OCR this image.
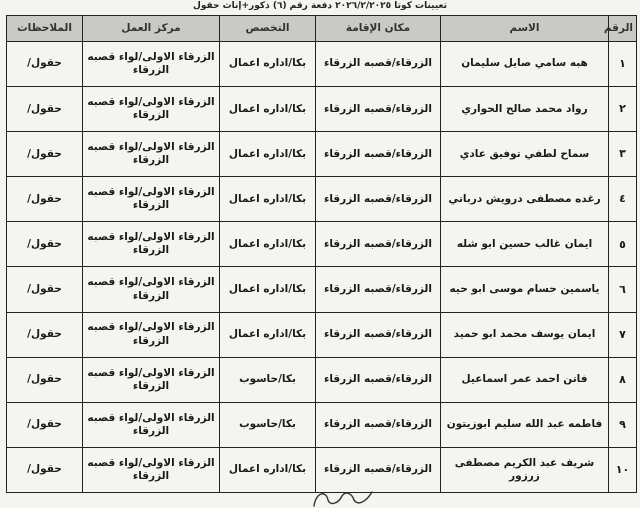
تعيينات كوتا ٢٠٢٦/٢/٢٠٢٥ دفعة رقم (٦) ذكور+إناث حقول
الرقم	الاسم	مكان الإقامة	التخصص	مركز العمل	الملاحظات
١	هبه سامي صايل سليمان	الزرقاء/قصبه الزرقاء	بكا/اداره اعمال	الزرقاء الاولى/لواء قصبه الزرقاء	حقول/
٢	رواد محمد صالح الحواري	الزرقاء/قصبه الزرقاء	بكا/اداره اعمال	الزرقاء الاولى/لواء قصبه الزرقاء	حقول/
٣	سماح لطفي توفيق عادي	الزرقاء/قصبه الزرقاء	بكا/اداره اعمال	الزرقاء الاولى/لواء قصبه الزرقاء	حقول/
٤	رغده مصطفى درويش درباتي	الزرقاء/قصبه الزرقاء	بكا/اداره اعمال	الزرقاء الاولى/لواء قصبه الزرقاء	حقول/
٥	ايمان غالب حسين ابو شله	الزرقاء/قصبه الزرقاء	بكا/اداره اعمال	الزرقاء الاولى/لواء قصبه الزرقاء	حقول/
٦	ياسمين حسام موسى ابو حيه	الزرقاء/قصبه الزرقاء	بكا/اداره اعمال	الزرقاء الاولى/لواء قصبه الزرقاء	حقول/
٧	ايمان يوسف محمد ابو حميد	الزرقاء/قصبه الزرقاء	بكا/اداره اعمال	الزرقاء الاولى/لواء قصبه الزرقاء	حقول/
٨	فاتن احمد عمر اسماعيل	الزرقاء/قصبه الزرقاء	بكا/حاسوب	الزرقاء الاولى/لواء قصبه الزرقاء	حقول/
٩	فاطمه عبد الله سليم ابوزيتون	الزرقاء/قصبه الزرقاء	بكا/حاسوب	الزرقاء الاولى/لواء قصبه الزرقاء	حقول/
١٠	شريف عبد الكريم مصطفى زرزور	الزرقاء/قصبه الزرقاء	بكا/اداره اعمال	الزرقاء الاولى/لواء قصبه الزرقاء	حقول/
